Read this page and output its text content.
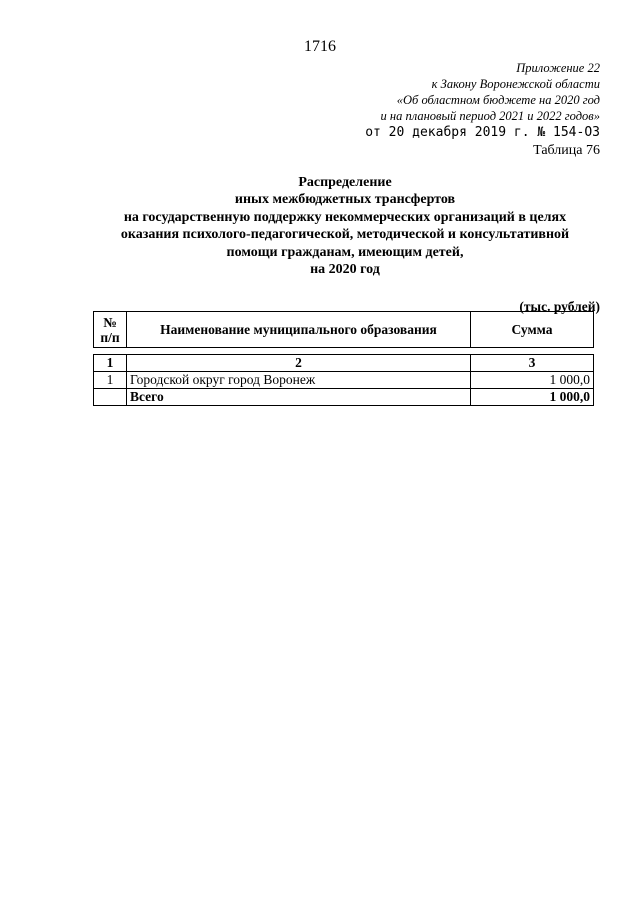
1716
Приложение 22
к Закону Воронежской области
«Об областном бюджете на 2020 год
и на плановый период 2021 и 2022 годов»
от 20 декабря 2019 г. № 154-ОЗ
Таблица 76
Распределение
иных межбюджетных трансфертов
на государственную поддержку некоммерческих организаций в целях
оказания психолого-педагогической, методической и консультативной
помощи гражданам, имеющим детей,
на 2020 год
(тыс. рублей)
№
п/п	Наименование муниципального образования	Сумма
1	2	3
1	Городской округ город Воронеж	1 000,0
	Всего	1 000,0
